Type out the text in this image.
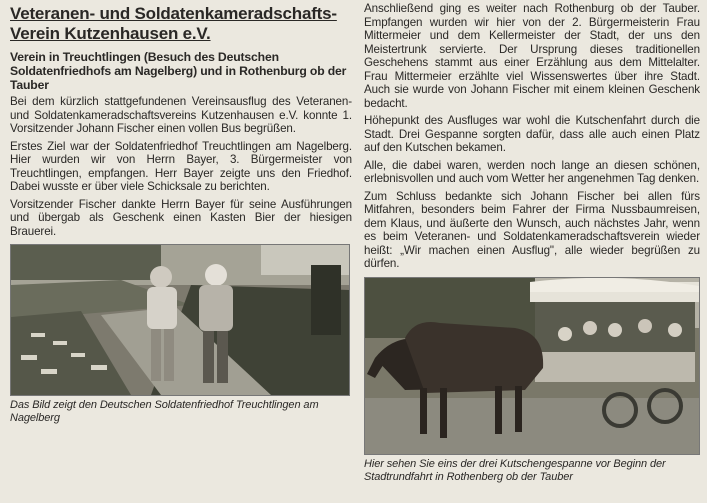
Veteranen- und Soldatenkameradschafts-
Verein Kutzenhausen e.V.
Verein in Treuchtlingen (Besuch des Deutschen Soldatenfriedhofs am Nagelberg) und in Rothenburg ob der Tauber

Bei dem kürzlich stattgefundenen Vereinsausflug des Veteranen- und Soldatenkameradschaftsvereins Kutzenhausen e.V. konnte 1. Vorsitzender Johann Fischer einen vollen Bus begrüßen.

Erstes Ziel war der Soldatenfriedhof Treuchtlingen am Nagelberg. Hier wurden wir von Herrn Bayer, 3. Bürgermeister von Treuchtlingen, empfangen. Herr Bayer zeigte uns den Friedhof. Dabei wusste er über viele Schicksale zu berichten.

Vorsitzender Fischer dankte Herrn Bayer für seine Ausführungen und übergab als Geschenk einen Kasten Bier der hiesigen Brauerei.

Das Bild zeigt den Deutschen Soldatenfriedhof Treuchtlingen am Nagelberg

Anschließend ging es weiter nach Rothenburg ob der Tauber. Empfangen wurden wir hier von der 2. Bürgermeisterin Frau Mittermeier und dem Kellermeister der Stadt, der uns den Meistertrunk servierte. Der Ursprung dieses traditionellen Geschehens stammt aus einer Erzählung aus dem Mittelalter. Frau Mittermeier erzählte viel Wissenswertes über ihre Stadt. Auch sie wurde von Johann Fischer mit einem kleinen Geschenk bedacht.

Höhepunkt des Ausfluges war wohl die Kutschenfahrt durch die Stadt. Drei Gespanne sorgten dafür, dass alle auch einen Platz auf den Kutschen bekamen.

Alle, die dabei waren, werden noch lange an diesen schönen, erlebnisvollen und auch vom Wetter her angenehmen Tag denken.

Zum Schluss bedankte sich Johann Fischer bei allen fürs Mitfahren, besonders beim Fahrer der Firma Nussbaumreisen, dem Klaus, und äußerte den Wunsch, auch nächstes Jahr, wenn es beim Veteranen- und Soldatenkameradschaftsverein wieder heißt: „Wir machen einen Ausflug", alle wieder begrüßen zu dürfen.

Hier sehen Sie eins der drei Kutschengespanne vor Beginn der Stadtrundfahrt in Rothenberg ob der Tauber
